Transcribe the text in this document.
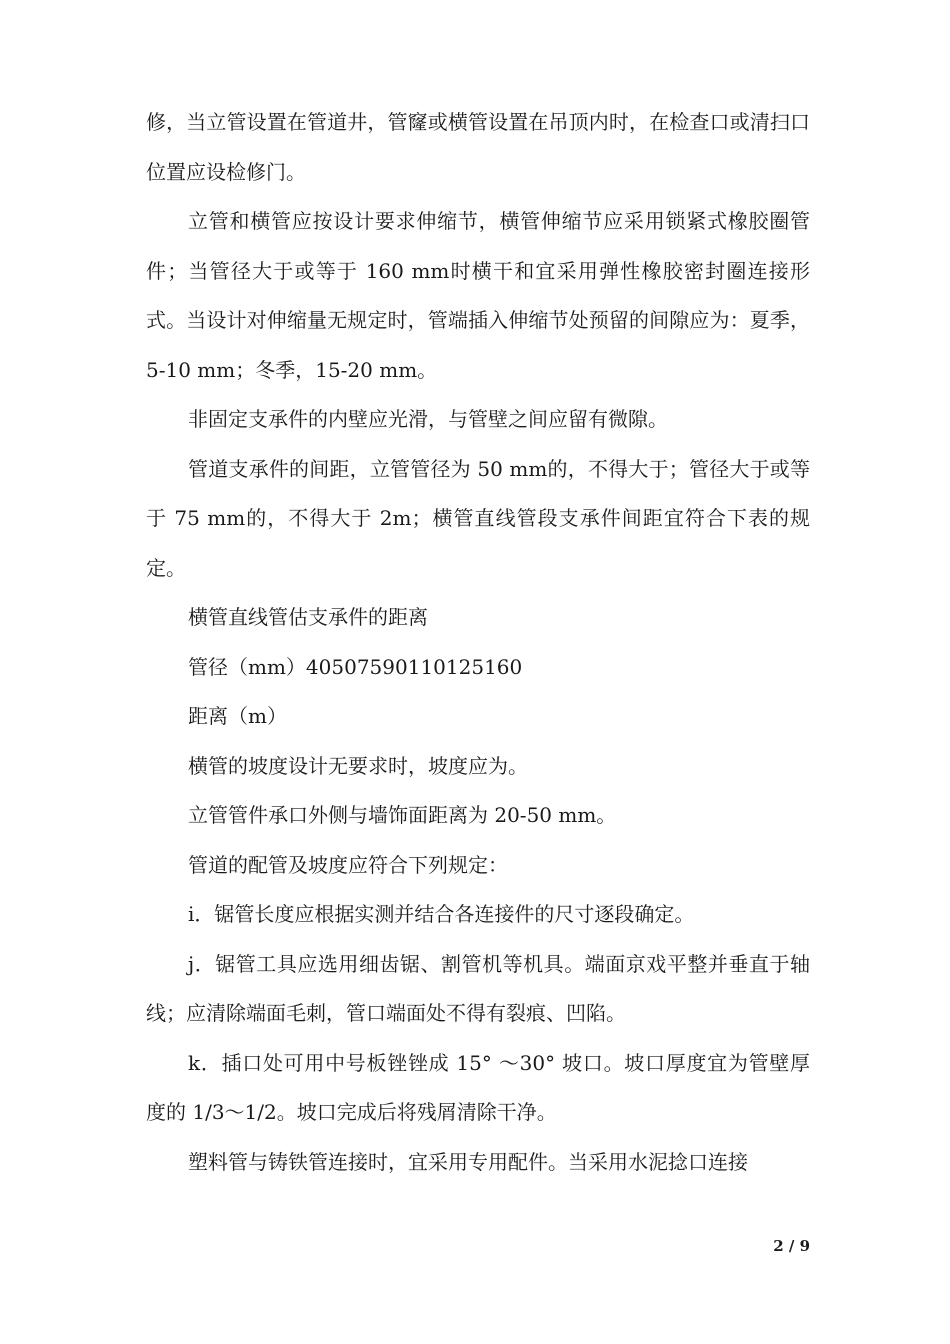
修，当立管设置在管道井，管窿或横管设置在吊顶内时，在检查口或清扫口位置应设检修门。

立管和横管应按设计要求伸缩节，横管伸缩节应采用锁紧式橡胶圈管件；当管径大于或等于 160 mm时横干和宜采用弹性橡胶密封圈连接形式。当设计对伸缩量无规定时，管端插入伸缩节处预留的间隙应为：夏季，5-10 mm；冬季，15-20 mm。

非固定支承件的内壁应光滑，与管壁之间应留有微隙。

管道支承件的间距，立管管径为 50 mm的，不得大于；管径大于或等于 75 mm的，不得大于 2m；横管直线管段支承件间距宜符合下表的规定。

横管直线管估支承件的距离

管径（mm）40507590110125160

距离（m）

横管的坡度设计无要求时，坡度应为。

立管管件承口外侧与墙饰面距离为 20-50 mm。

管道的配管及坡度应符合下列规定：

i．锯管长度应根据实测并结合各连接件的尺寸逐段确定。

j．锯管工具应选用细齿锯、割管机等机具。端面京戏平整并垂直于轴线；应清除端面毛刺，管口端面处不得有裂痕、凹陷。

k．插口处可用中号板锉锉成 15° ～30° 坡口。坡口厚度宜为管壁厚度的 1/3～1/2。坡口完成后将残屑清除干净。

塑料管与铸铁管连接时，宜采用专用配件。当采用水泥捻口连接

2 / 9
